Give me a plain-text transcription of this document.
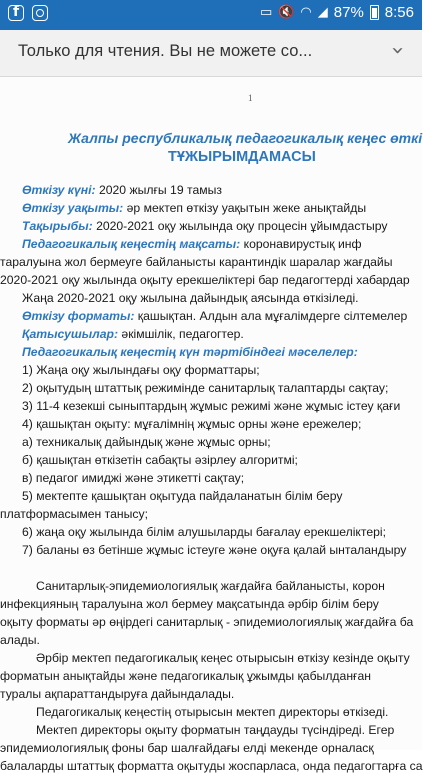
f
▭ 🔇 ◠ ◢ 87% 8:56
Только для чтения. Вы не можете со...	›
1
Жалпы республикалық педагогикалық кеңес өткі
ТҰЖЫРЫМДАМАСЫ
Өткізу күні: 2020 жылғы 19 тамыз
Өткізу уақыты: әр мектеп өткізу уақытын жеке анықтайды
Тақырыбы: 2020-2021 оқу жылында оқу процесін ұйымдастыру
Педагогикалық кеңестің мақсаты: коронавирустық инф
таралуына жол бермеуге байланысты карантиндік шаралар жағдайы
2020-2021 оқу жылында оқыту ерекшеліктері бар педагогтерді хабардар
Жаңа 2020-2021 оқу жылына дайындық аясында өткізіледі.
Өткізу форматы: қашықтан. Алдын ала мұғалімдерге сілтемелер
Қатысушылар: әкімшілік, педагогтер.
Педагогикалық кеңестің күн тәртібіндегі мәселелер:
1) Жаңа оқу жылындағы оқу форматтары;
2) оқытудың штаттық режимінде санитарлық талаптарды сақтау;
3) 11-4 кезекші сыныптардың жұмыс режимі және жұмыс істеу қағи
4) қашықтан оқыту: мұғалімнің жұмыс орны және ережелер;
а) техникалық дайындық және жұмыс орны;
б) қашықтан өткізетін сабақты әзірлеу алгоритмі;
в) педагог имиджі және этикетті сақтау;
5) мектепте қашықтан оқытуда пайдаланатын білім беру
платформасымен танысу;
6) жаңа оқу жылында білім алушыларды бағалау ерекшеліктері;
7) баланы өз бетінше жұмыс істеуге және оқуға қалай ынталандыру
Санитарлық-эпидемиологиялық жағдайға байланысты, корон
инфекцияның таралуына жол бермеу мақсатында әрбір білім беру
оқыту форматы әр өңірдегі санитарлық - эпидемиологиялық жағдайға ба
алады.
Әрбір мектеп педагогикалық кеңес отырысын өткізу кезінде оқыту
форматын анықтайды және педагогикалық ұжымды қабылданған
туралы ақпараттандыруға дайындалады.
Педагогикалық кеңестің отырысын мектеп директоры өткізеді.
Мектеп директоры оқыту форматын таңдауды түсіндіреді. Егер
эпидемиологиялық фоны бар шалғайдағы елді мекенде орналасқ
балаларды штаттық форматта оқытуды жоспарласа, онда педагогтарға са
